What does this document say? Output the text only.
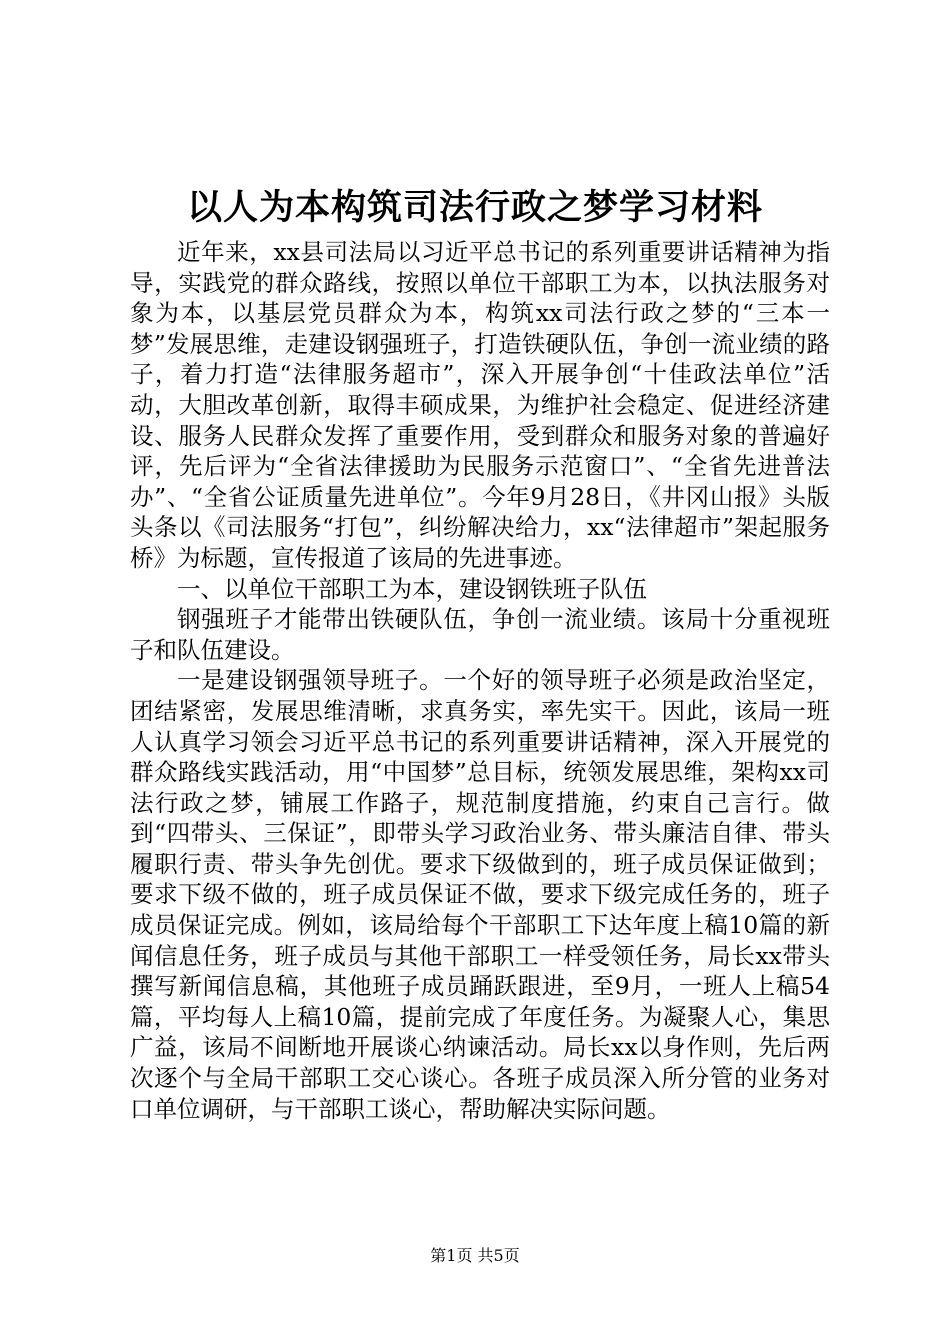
以人为本构筑司法行政之梦学习材料

近年来，xx县司法局以习近平总书记的系列重要讲话精神为指导，实践党的群众路线，按照以单位干部职工为本，以执法服务对象为本，以基层党员群众为本，构筑xx司法行政之梦的“三本一梦”发展思维，走建设钢强班子，打造铁硬队伍，争创一流业绩的路子，着力打造“法律服务超市”，深入开展争创“十佳政法单位”活动，大胆改革创新，取得丰硕成果，为维护社会稳定、促进经济建设、服务人民群众发挥了重要作用，受到群众和服务对象的普遍好评，先后评为“全省法律援助为民服务示范窗口”、“全省先进普法办”、“全省公证质量先进单位”。今年9月28日，《井冈山报》头版头条以《司法服务“打包”，纠纷解决给力，xx“法律超市”架起服务桥》为标题，宣传报道了该局的先进事迹。

一、以单位干部职工为本，建设钢铁班子队伍

钢强班子才能带出铁硬队伍，争创一流业绩。该局十分重视班子和队伍建设。

一是建设钢强领导班子。一个好的领导班子必须是政治坚定，团结紧密，发展思维清晰，求真务实，率先实干。因此，该局一班人认真学习领会习近平总书记的系列重要讲话精神，深入开展党的群众路线实践活动，用“中国梦”总目标，统领发展思维，架构xx司法行政之梦，铺展工作路子，规范制度措施，约束自己言行。做到“四带头、三保证”，即带头学习政治业务、带头廉洁自律、带头履职行责、带头争先创优。要求下级做到的，班子成员保证做到；要求下级不做的，班子成员保证不做，要求下级完成任务的，班子成员保证完成。例如，该局给每个干部职工下达年度上稿10篇的新闻信息任务，班子成员与其他干部职工一样受领任务，局长xx带头撰写新闻信息稿，其他班子成员踊跃跟进，至9月，一班人上稿54篇，平均每人上稿10篇，提前完成了年度任务。为凝聚人心，集思广益，该局不间断地开展谈心纳谏活动。局长xx以身作则，先后两次逐个与全局干部职工交心谈心。各班子成员深入所分管的业务对口单位调研，与干部职工谈心，帮助解决实际问题。

第1页 共5页
